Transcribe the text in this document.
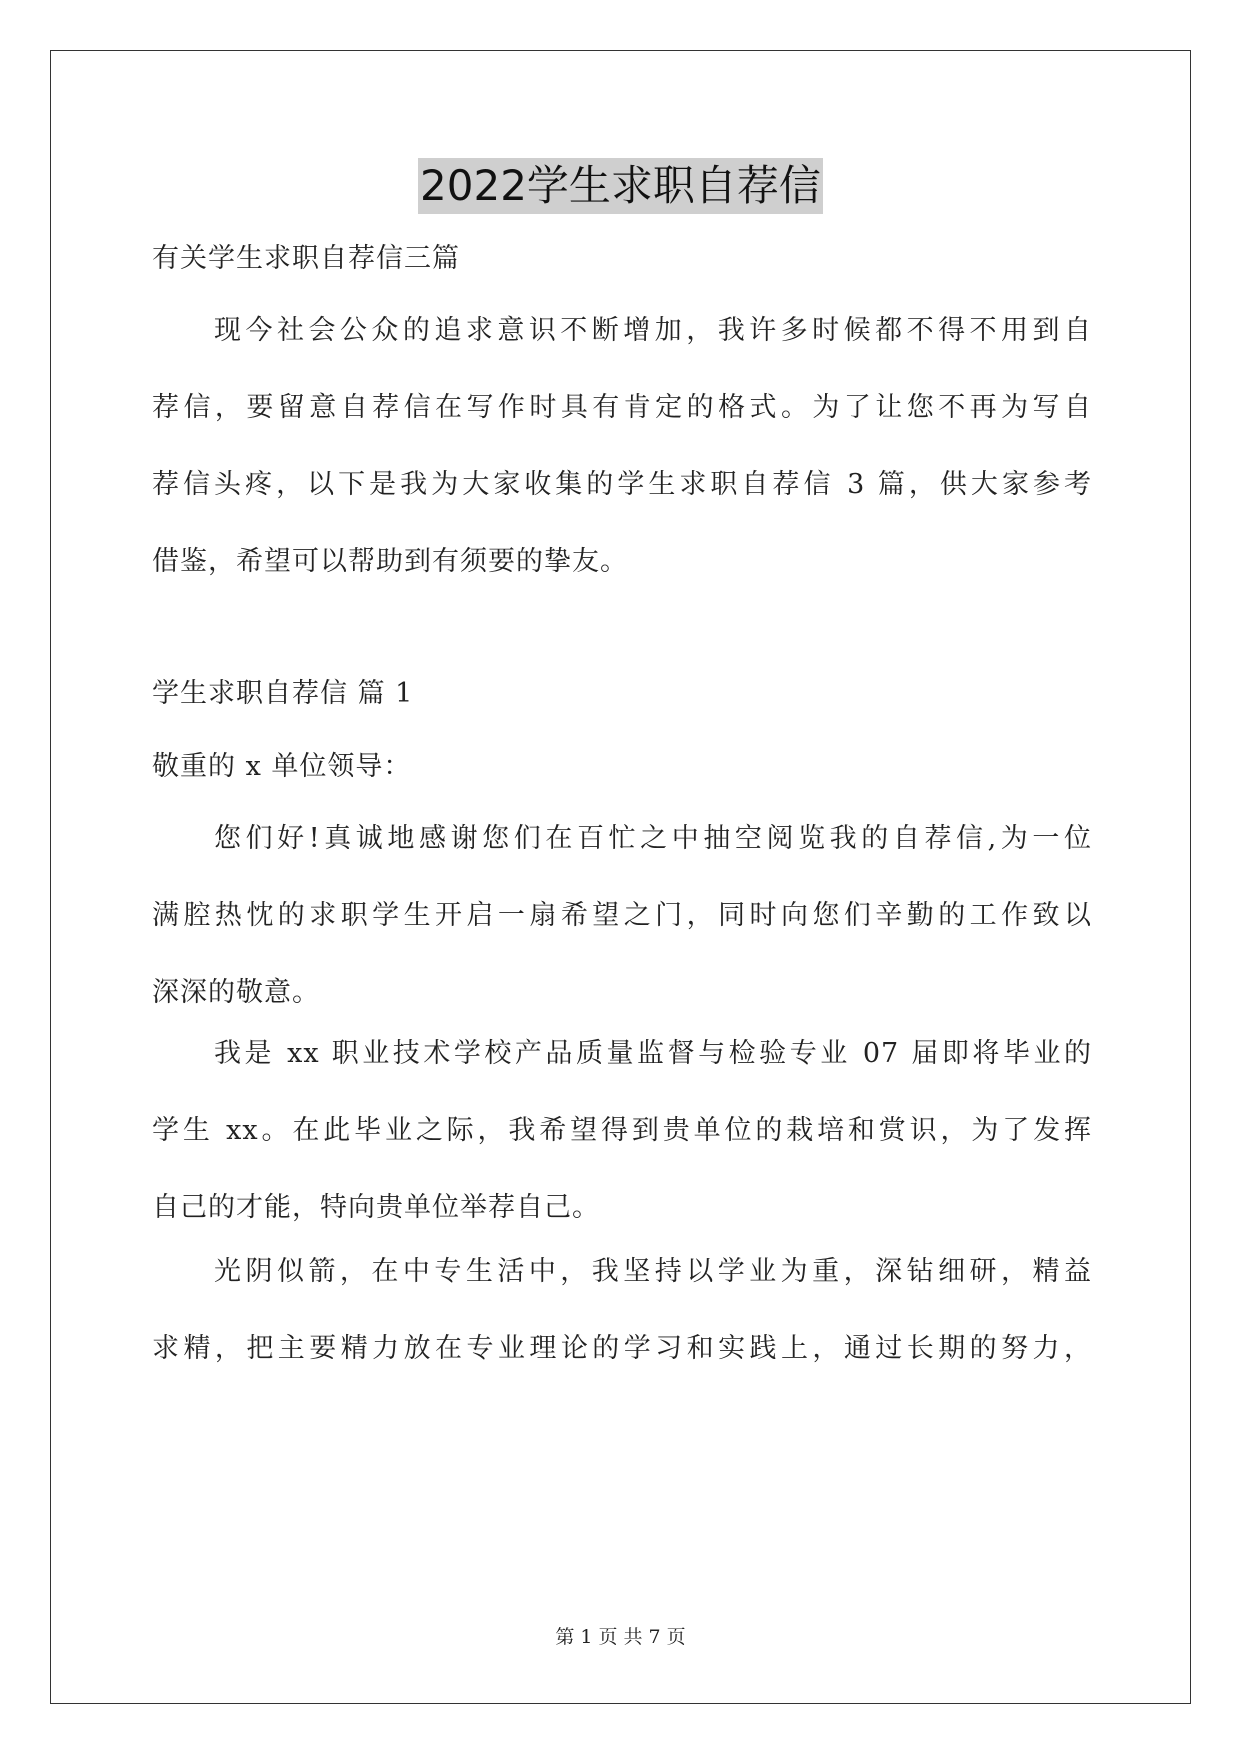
2022学生求职自荐信
有关学生求职自荐信三篇
现今社会公众的追求意识不断增加，我许多时候都不得不用到自
荐信，要留意自荐信在写作时具有肯定的格式。为了让您不再为写自
荐信头疼，以下是我为大家收集的学生求职自荐信 3 篇，供大家参考
借鉴，希望可以帮助到有须要的挚友。
学生求职自荐信 篇 1
敬重的 x 单位领导：
您们好!真诚地感谢您们在百忙之中抽空阅览我的自荐信,为一位
满腔热忱的求职学生开启一扇希望之门，同时向您们辛勤的工作致以
深深的敬意。
我是 xx 职业技术学校产品质量监督与检验专业 07 届即将毕业的
学生 xx。在此毕业之际，我希望得到贵单位的栽培和赏识，为了发挥
自己的才能，特向贵单位举荐自己。
光阴似箭，在中专生活中，我坚持以学业为重，深钻细研，精益
求精，把主要精力放在专业理论的学习和实践上，通过长期的努力，
第 1 页 共 7 页
